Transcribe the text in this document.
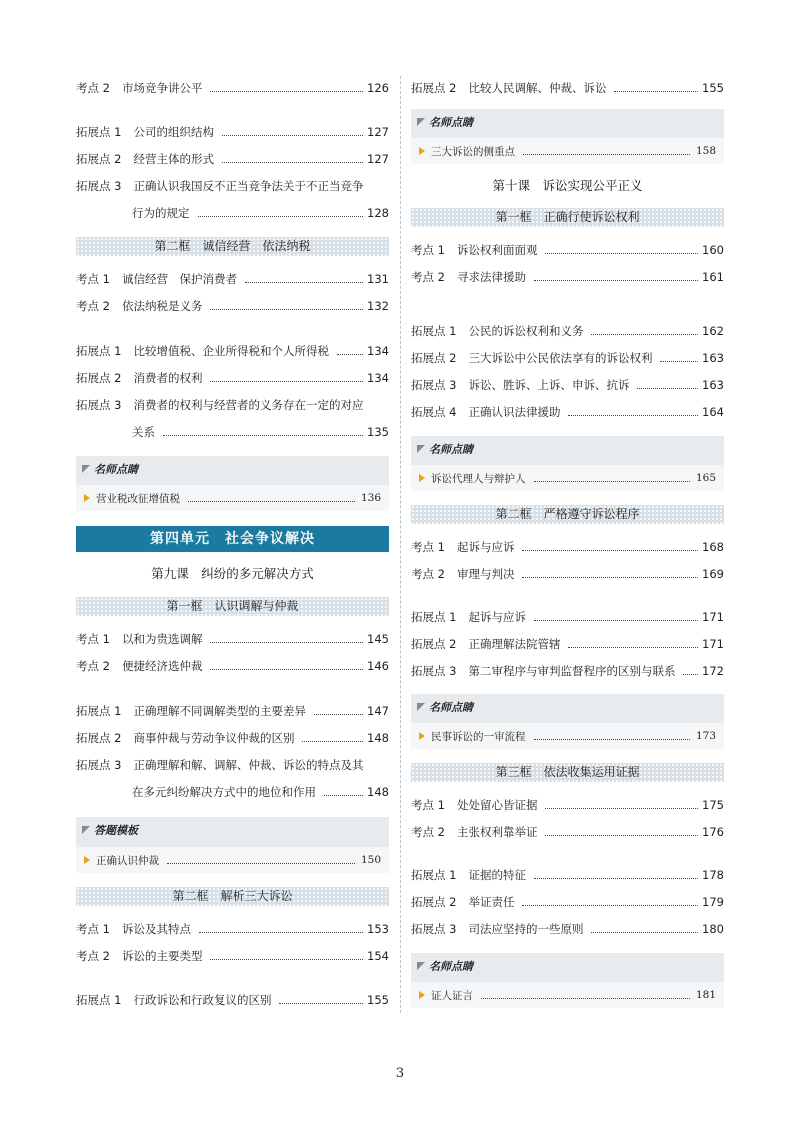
考点 2 市场竞争讲公平	126
拓展点 1 公司的组织结构	127
拓展点 2 经营主体的形式	127
拓展点 3 正确认识我国反不正当竞争法关于不正当竞争
行为的规定	128
第二框　诚信经营　依法纳税
考点 1 诚信经营　保护消费者	131
考点 2 依法纳税是义务	132
拓展点 1 比较增值税、企业所得税和个人所得税	134
拓展点 2 消费者的权利	134
拓展点 3 消费者的权利与经营者的义务存在一定的对应
关系	135
名师点睛
营业税改征增值税	136
第四单元　社会争议解决
第九课　纠纷的多元解决方式
第一框　认识调解与仲裁
考点 1 以和为贵选调解	145
考点 2 便捷经济选仲裁	146
拓展点 1 正确理解不同调解类型的主要差异	147
拓展点 2 商事仲裁与劳动争议仲裁的区别	148
拓展点 3 正确理解和解、调解、仲裁、诉讼的特点及其
在多元纠纷解决方式中的地位和作用	148
答题模板
正确认识仲裁	150
第二框　解析三大诉讼
考点 1 诉讼及其特点	153
考点 2 诉讼的主要类型	154
拓展点 1 行政诉讼和行政复议的区别	155
拓展点 2 比较人民调解、仲裁、诉讼	155
名师点睛
三大诉讼的侧重点	158
第十课　诉讼实现公平正义
第一框　正确行使诉讼权利
考点 1 诉讼权利面面观	160
考点 2 寻求法律援助	161
拓展点 1 公民的诉讼权利和义务	162
拓展点 2 三大诉讼中公民依法享有的诉讼权利	163
拓展点 3 诉讼、胜诉、上诉、申诉、抗诉	163
拓展点 4 正确认识法律援助	164
名师点睛
诉讼代理人与辩护人	165
第二框　严格遵守诉讼程序
考点 1 起诉与应诉	168
考点 2 审理与判决	169
拓展点 1 起诉与应诉	171
拓展点 2 正确理解法院管辖	171
拓展点 3 第二审程序与审判监督程序的区别与联系 172
名师点睛
民事诉讼的一审流程	173
第三框　依法收集运用证据
考点 1 处处留心皆证据	175
考点 2 主张权利靠举证	176
拓展点 1 证据的特征	178
拓展点 2 举证责任	179
拓展点 3 司法应坚持的一些原则	180
名师点睛
证人证言	181
3
